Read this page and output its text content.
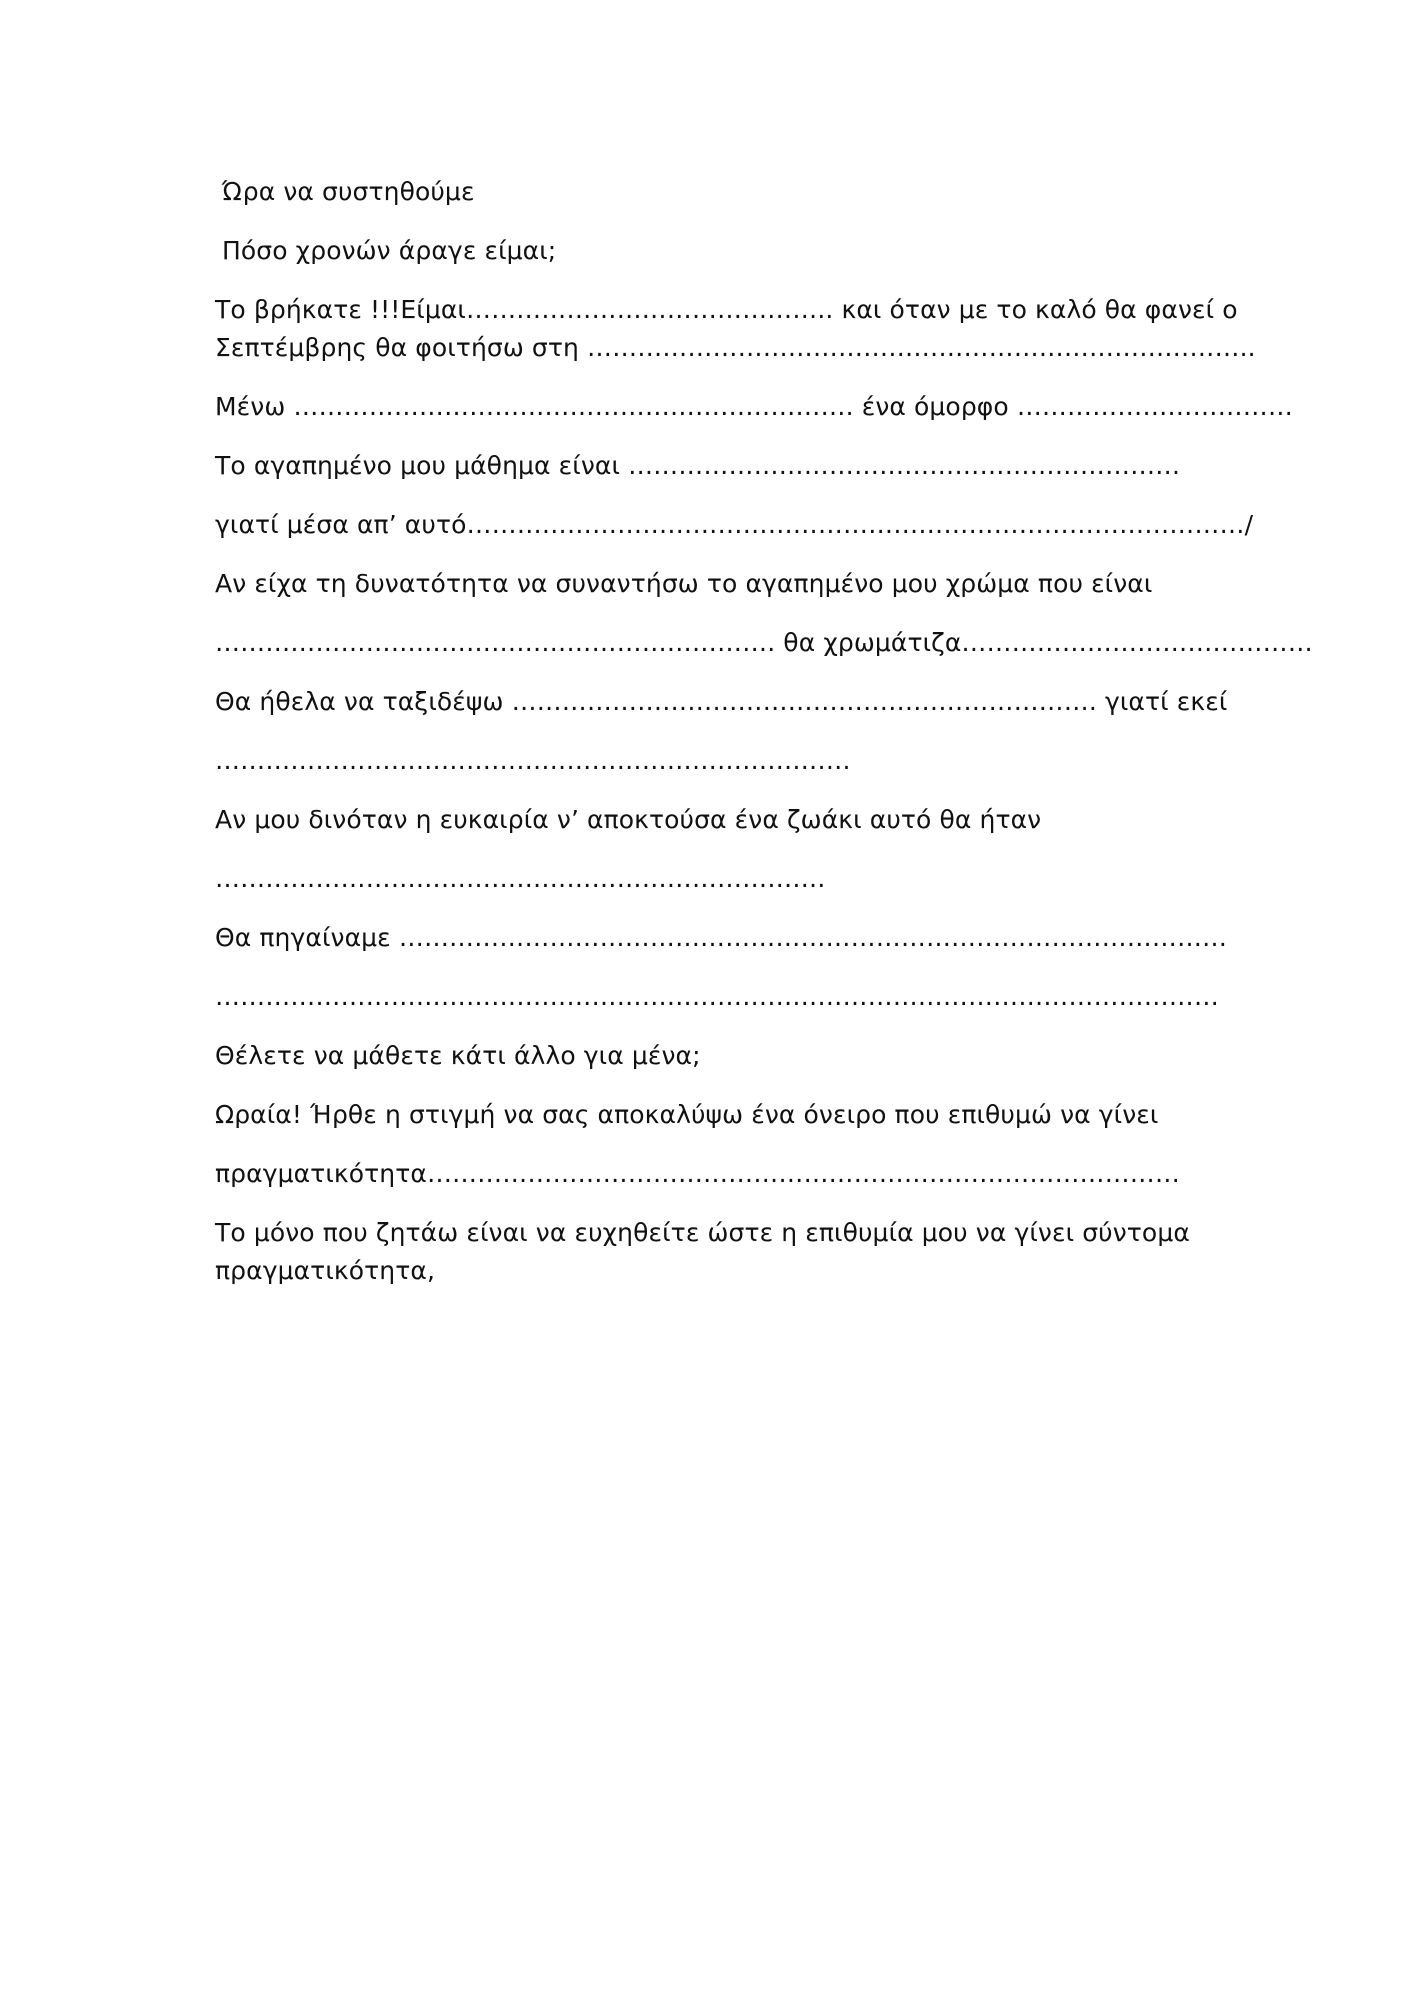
Ώρα να συστηθούμε

Πόσο χρονών άραγε είμαι;

Το βρήκατε !!!Είμαι…………………………………….. και όταν με το καλό θα φανεί ο

Σεπτέμβρης θα φοιτήσω στη ……………………………………………………………………..

Μένω …………………………………………………………. ένα όμορφο ……………………………

Το αγαπημένο μου μάθημα είναι …………………………………………………………

γιατί μέσα απ’ αυτό…………………………………………………………………………………/

Αν είχα τη δυνατότητα να συναντήσω το αγαπημένο μου χρώμα που είναι

…………………………………………………………. θα χρωμάτιζα……………………………………

Θα ήθελα να ταξιδέψω ……………………………………………………………. γιατί εκεί

………………………………………………………………….

Αν μου δινόταν η ευκαιρία ν’ αποκτούσα ένα ζωάκι αυτό θα ήταν

……………………………………………………………….

Θα πηγαίναμε ………………………………………………………………………………………

…………………………………………………………………………………………………………

Θέλετε να μάθετε κάτι άλλο για μένα;

Ωραία! Ήρθε η στιγμή να σας αποκαλύψω ένα όνειρο που επιθυμώ να γίνει

πραγματικότητα………………………………………………………………………………

Το μόνο που ζητάω είναι να ευχηθείτε ώστε η επιθυμία μου να γίνει σύντομα

πραγματικότητα,
